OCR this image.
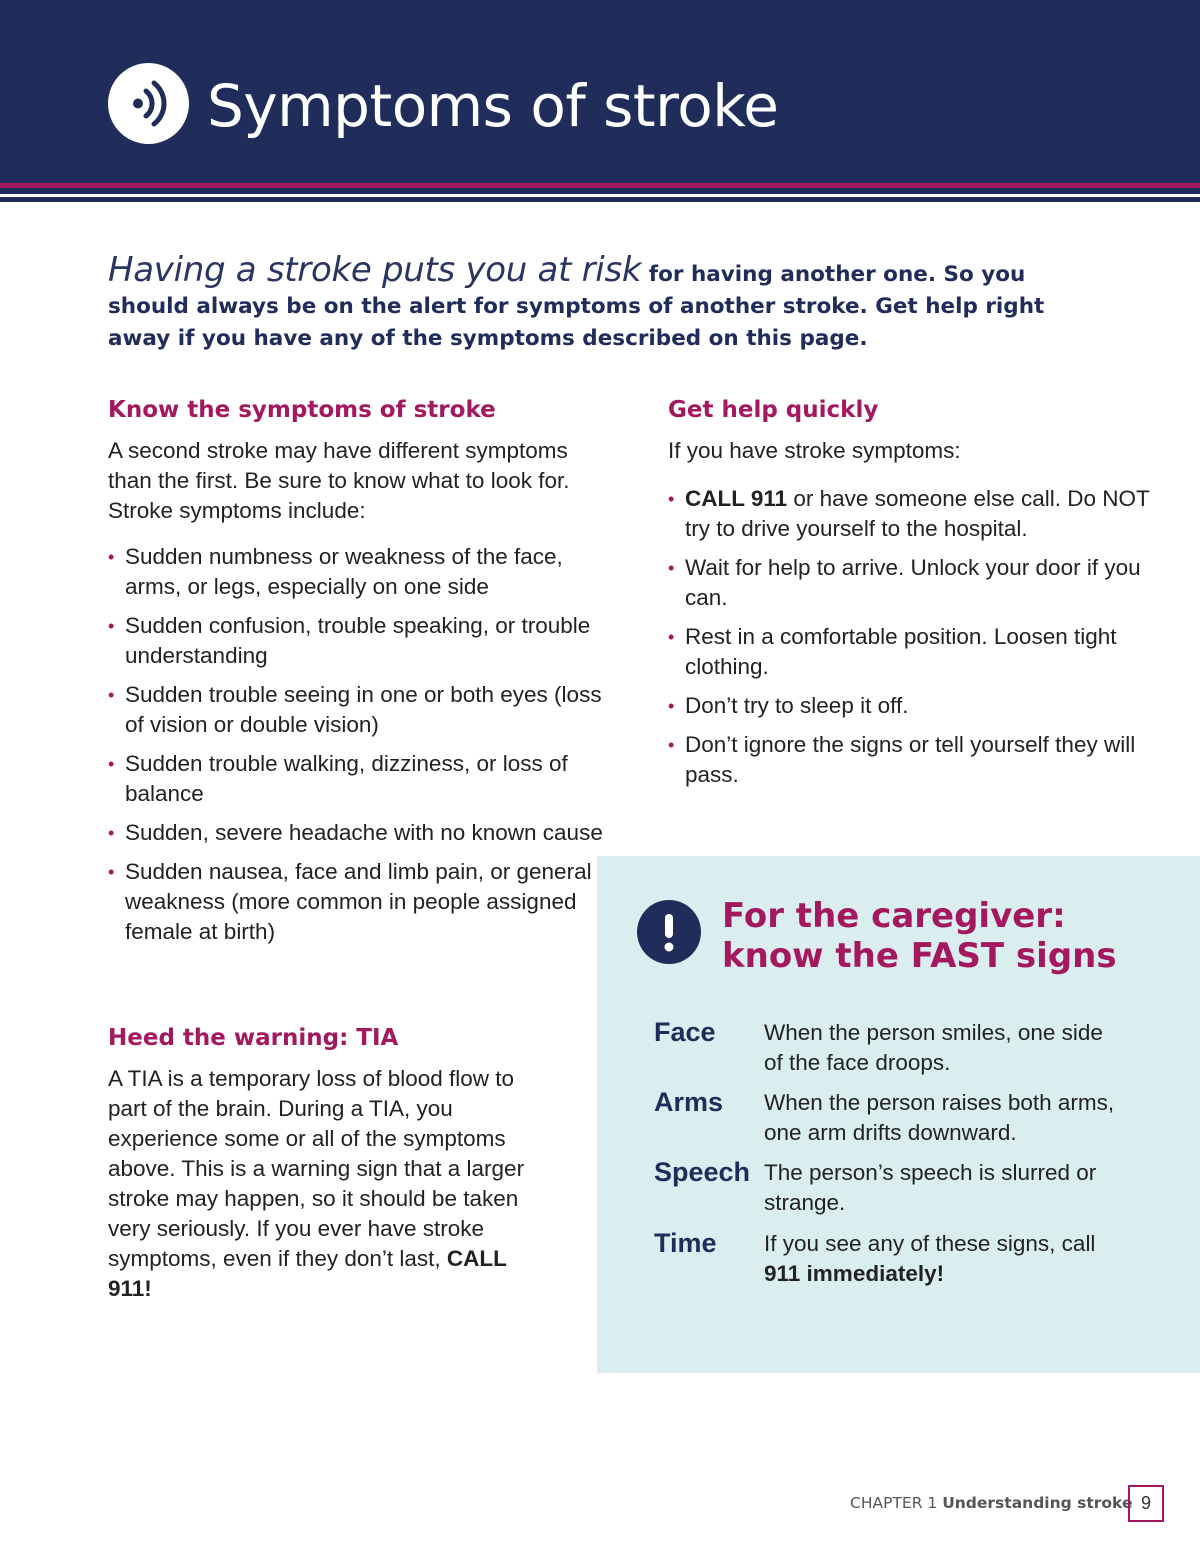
Symptoms of stroke

Having a stroke puts you at risk for having another one. So you should always be on the alert for symptoms of another stroke. Get help right away if you have any of the symptoms described on this page.

Know the symptoms of stroke

A second stroke may have different symptoms than the first. Be sure to know what to look for. Stroke symptoms include:

• Sudden numbness or weakness of the face, arms, or legs, especially on one side
• Sudden confusion, trouble speaking, or trouble understanding
• Sudden trouble seeing in one or both eyes (loss of vision or double vision)
• Sudden trouble walking, dizziness, or loss of balance
• Sudden, severe headache with no known cause
• Sudden nausea, face and limb pain, or general weakness (more common in people assigned female at birth)
Heed the warning: TIA

A TIA is a temporary loss of blood flow to part of the brain. During a TIA, you experience some or all of the symptoms above. This is a warning sign that a larger stroke may happen, so it should be taken very seriously. If you ever have stroke symptoms, even if they don’t last, CALL 911!

Get help quickly

If you have stroke symptoms:

• CALL 911 or have someone else call. Do NOT try to drive yourself to the hospital.
• Wait for help to arrive. Unlock your door if you can.
• Rest in a comfortable position. Loosen tight clothing.
• Don’t try to sleep it off.
• Don’t ignore the signs or tell yourself they will pass.
For the caregiver:
know the FAST signs
Face When the person smiles, one side of the face droops.
Arms When the person raises both arms, one arm drifts downward.
Speech The person’s speech is slurred or strange.
Time If you see any of these signs, call 911 immediately!
CHAPTER 1 Understanding stroke 9
